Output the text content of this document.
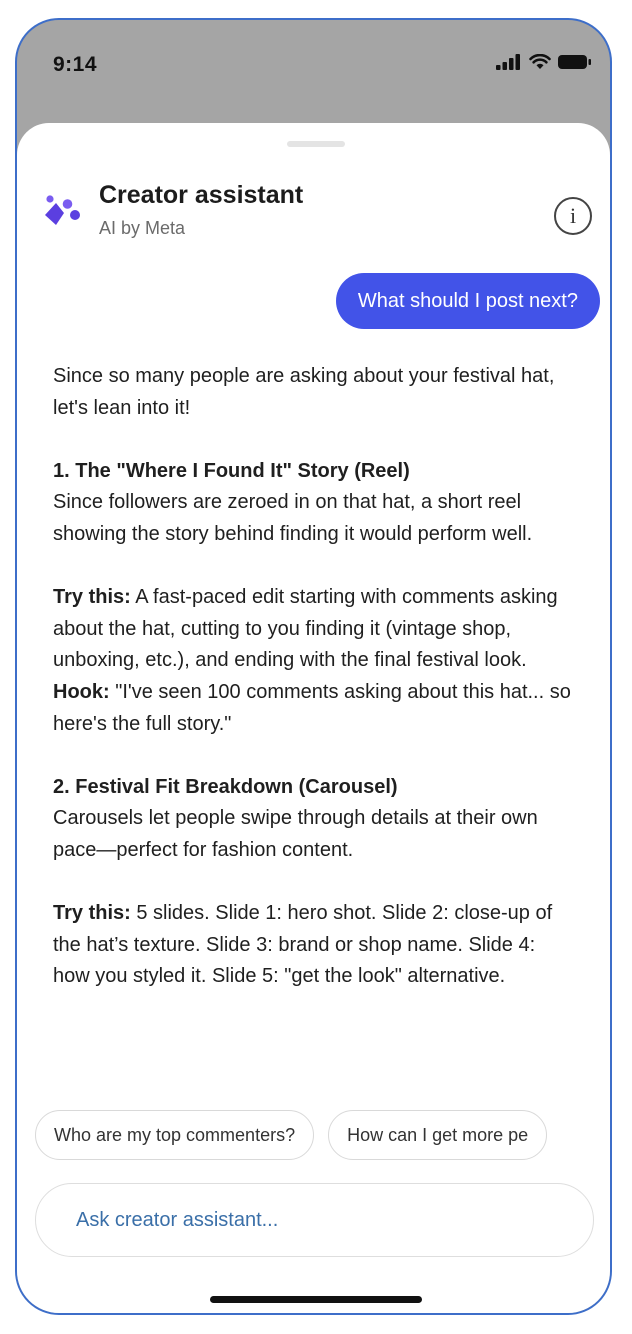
9:14
Creator assistant
AI by Meta	i
What should I post next?

Since so many people are asking about your festival hat, let's lean into it!

1. The "Where I Found It" Story (Reel)
Since followers are zeroed in on that hat, a short reel showing the story behind finding it would perform well.

Try this: A fast-paced edit starting with comments asking about the hat, cutting to you finding it (vintage shop, unboxing, etc.), and ending with the final festival look.
Hook: "I've seen 100 comments asking about this hat... so here's the full story."

2. Festival Fit Breakdown (Carousel)
Carousels let people swipe through details at their own pace—perfect for fashion content.

Try this: 5 slides. Slide 1: hero shot. Slide 2: close-up of the hat’s texture. Slide 3: brand or shop name. Slide 4: how you styled it. Slide 5: "get the look" alternative.

Who are my top commenters?	How can I get more pe
Ask creator assistant...
